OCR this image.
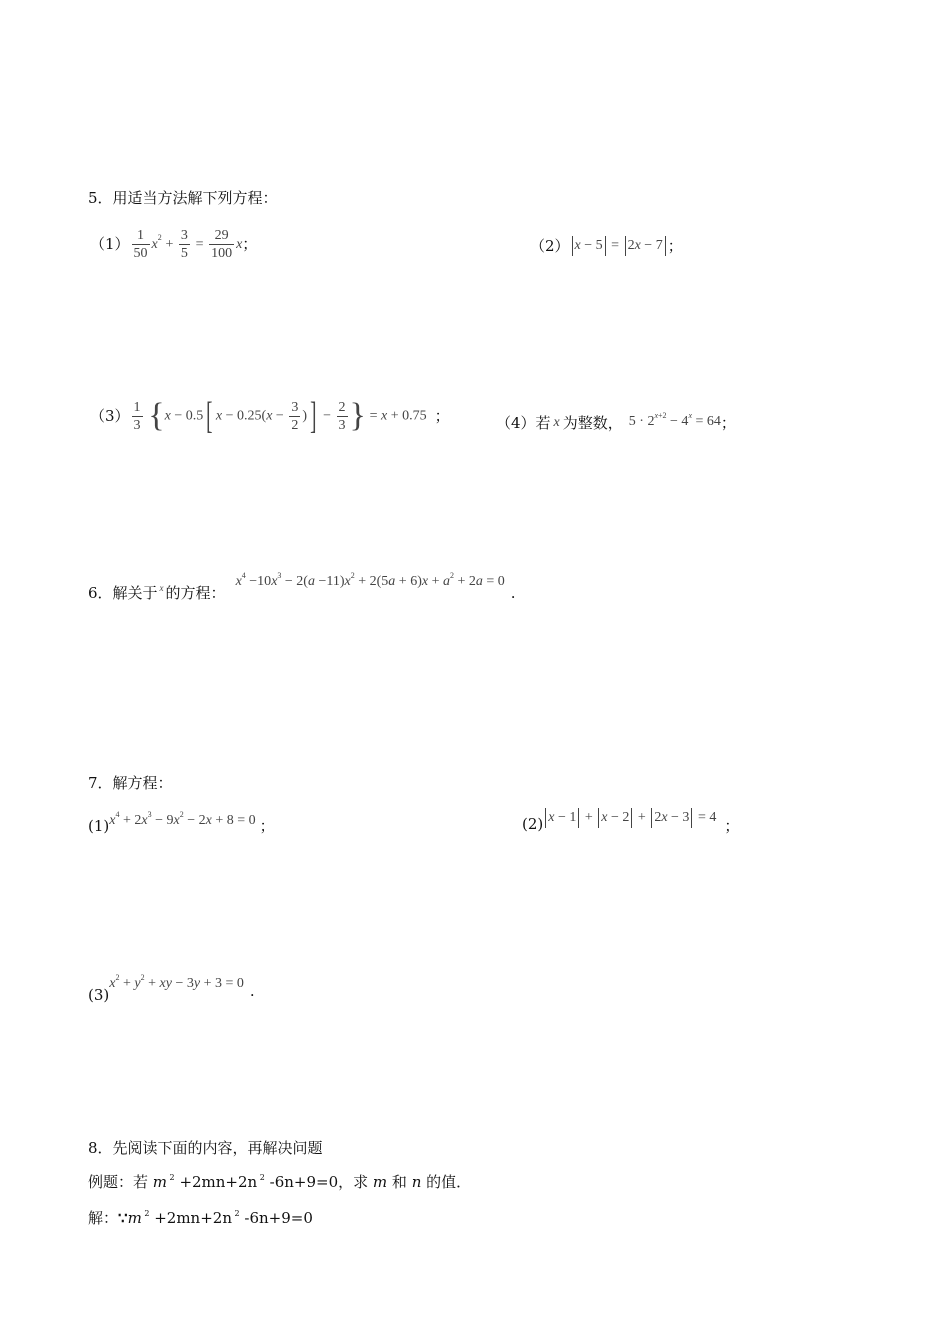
5．用适当方法解下列方程：
$(1) \frac{1}{50} x^2 + \frac{3}{5} = \frac{29}{100}$ x ；	（2） x − 5 = 2x − 7 ；
$(3) \frac{1}{3} \{x - 0.5$[ $x - 0.25(x - \frac{3}{2}$ )] − $\frac{2}{3}$ } = x + 0.75 ；	（4）若 x 为整数， $5 \cdot 2^{x+2} - 4^x = 64$ ；
6．解关于 x 的方程：
$x^4 -10x^3 - 2(a -11)x^2 + 2(5a + 6)x + a^2 + 2a = 0$
.
7．解方程：
(1) $x^4 + 2x^3 - 9x^2 - 2x + 8 = 0$ ；	(2) x − 1 + x − 2 + 2x − 3 = 4 ；
(3)
$x^2 + y^2$ + xy − 3y + 3 = 0 .
8．先阅读下面的内容，再解决问题
例题：若 m $^2$ +2mn+2n $^2$ -6n+9=0，求 m 和 n 的值．
解：∵m $^2$ +2mn+2n $^2$ -6n+9=0
